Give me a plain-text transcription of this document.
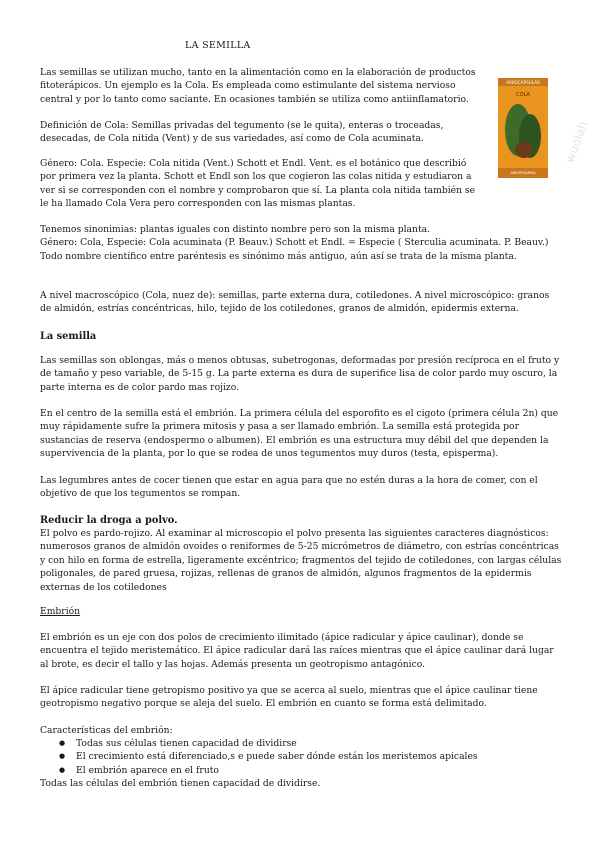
LA SEMILLA
ARKOCAPSULAS
COLA
ARKOPHARMA
wuolah
Las semillas se utilizan mucho, tanto en la alimentación como en la elaboración de productos fitoterápicos. Un ejemplo es la Cola. Es empleada como estimulante del sistema nervioso central y por lo tanto como saciante. En ocasiones también se utiliza como antiinflamatorio.
Definición de Cola: Semillas privadas del tegumento (se le quita), enteras o troceadas, desecadas, de Cola nitida (Vent) y de sus variedades, así como de Cola acuminata.
Género: Cola. Especie: Cola nitida (Vent.) Schott et Endl. Vent. es el botánico que describió por primera vez la planta. Schott et Endl son los que cogieron las colas nitida y estudiaron a ver si se corresponden con el nombre y comprobaron que sí. La planta cola nitida también se le ha llamado Cola Vera pero corresponden con las mismas plantas.
Tenemos sinonimias: plantas iguales con distinto nombre pero son la misma planta.
Género: Cola, Especie: Cola acuminata (P. Beauv.) Schott et Endl. = Especie ( Sterculia acuminata. P. Beauv.) Todo nombre científico entre paréntesis es sinónimo más antiguo, aún así se trata de la misma planta.
A nivel macroscópico (Cola, nuez de): semillas, parte externa dura, cotiledones. A nivel microscópico: granos de almidón, estrías concéntricas, hilo, tejido de los cotiledones, granos de almidón, epidermis externa.
La semilla
Las semillas son oblongas, más o menos obtusas, subetrogonas, deformadas por presión recíproca en el fruto y de tamaño y peso variable, de 5-15 g. La parte externa es dura de superifice lisa de color pardo muy oscuro, la parte interna es de color pardo mas rojizo.
En el centro de la semilla está el embrión. La primera célula del esporofito es el cigoto (primera célula 2n) que muy rápidamente sufre la primera mitosis y pasa a ser llamado embrión. La semilla está protegida por sustancias de reserva (endospermo o albumen). El embrión es una estructura muy débil del que dependen la supervivencia de la planta, por lo que se rodea de unos tegumentos muy duros (testa, episperma).
Las legumbres antes de cocer tienen que estar en agua para que no estén duras a la hora de comer, con el objetivo de que los tegumentos se rompan.
Reducir la droga a polvo.
El polvo es pardo-rojizo. Al examinar al microscopio el polvo presenta las siguientes caracteres diagnósticos: numerosos granos de almidón ovoides o reniformes de 5-25 micrómetros de diámetro, con estrías concéntricas y con hilo en forma de estrella, ligeramente excéntrico; fragmentos del tejido de cotiledones, con largas células poligonales, de pared gruesa, rojizas, rellenas de granos de almidón, algunos fragmentos de la epidermis externas de los cotiledones
Embrión
El embrión es un eje con dos polos de crecimiento ilimitado (ápice radicular y ápice caulinar), donde se encuentra el tejido meristemático. El ápice radicular dará las raíces mientras que el ápice caulinar dará lugar al brote, es decir el tallo y las hojas. Además presenta un geotropismo antagónico.
El ápice radicular tiene getropismo positivo ya que se acerca al suelo, mientras que el ápice caulinar tiene geotropismo negativo porque se aleja del suelo. El embrión en cuanto se forma está delimitado.
Características del embrión:
● Todas sus células tienen capacidad de dividirse
● El crecimiento está diferenciado,s e puede saber dónde están los meristemos apicales
● El embrión aparece en el fruto
Todas las células del embrión tienen capacidad de dividirse.
